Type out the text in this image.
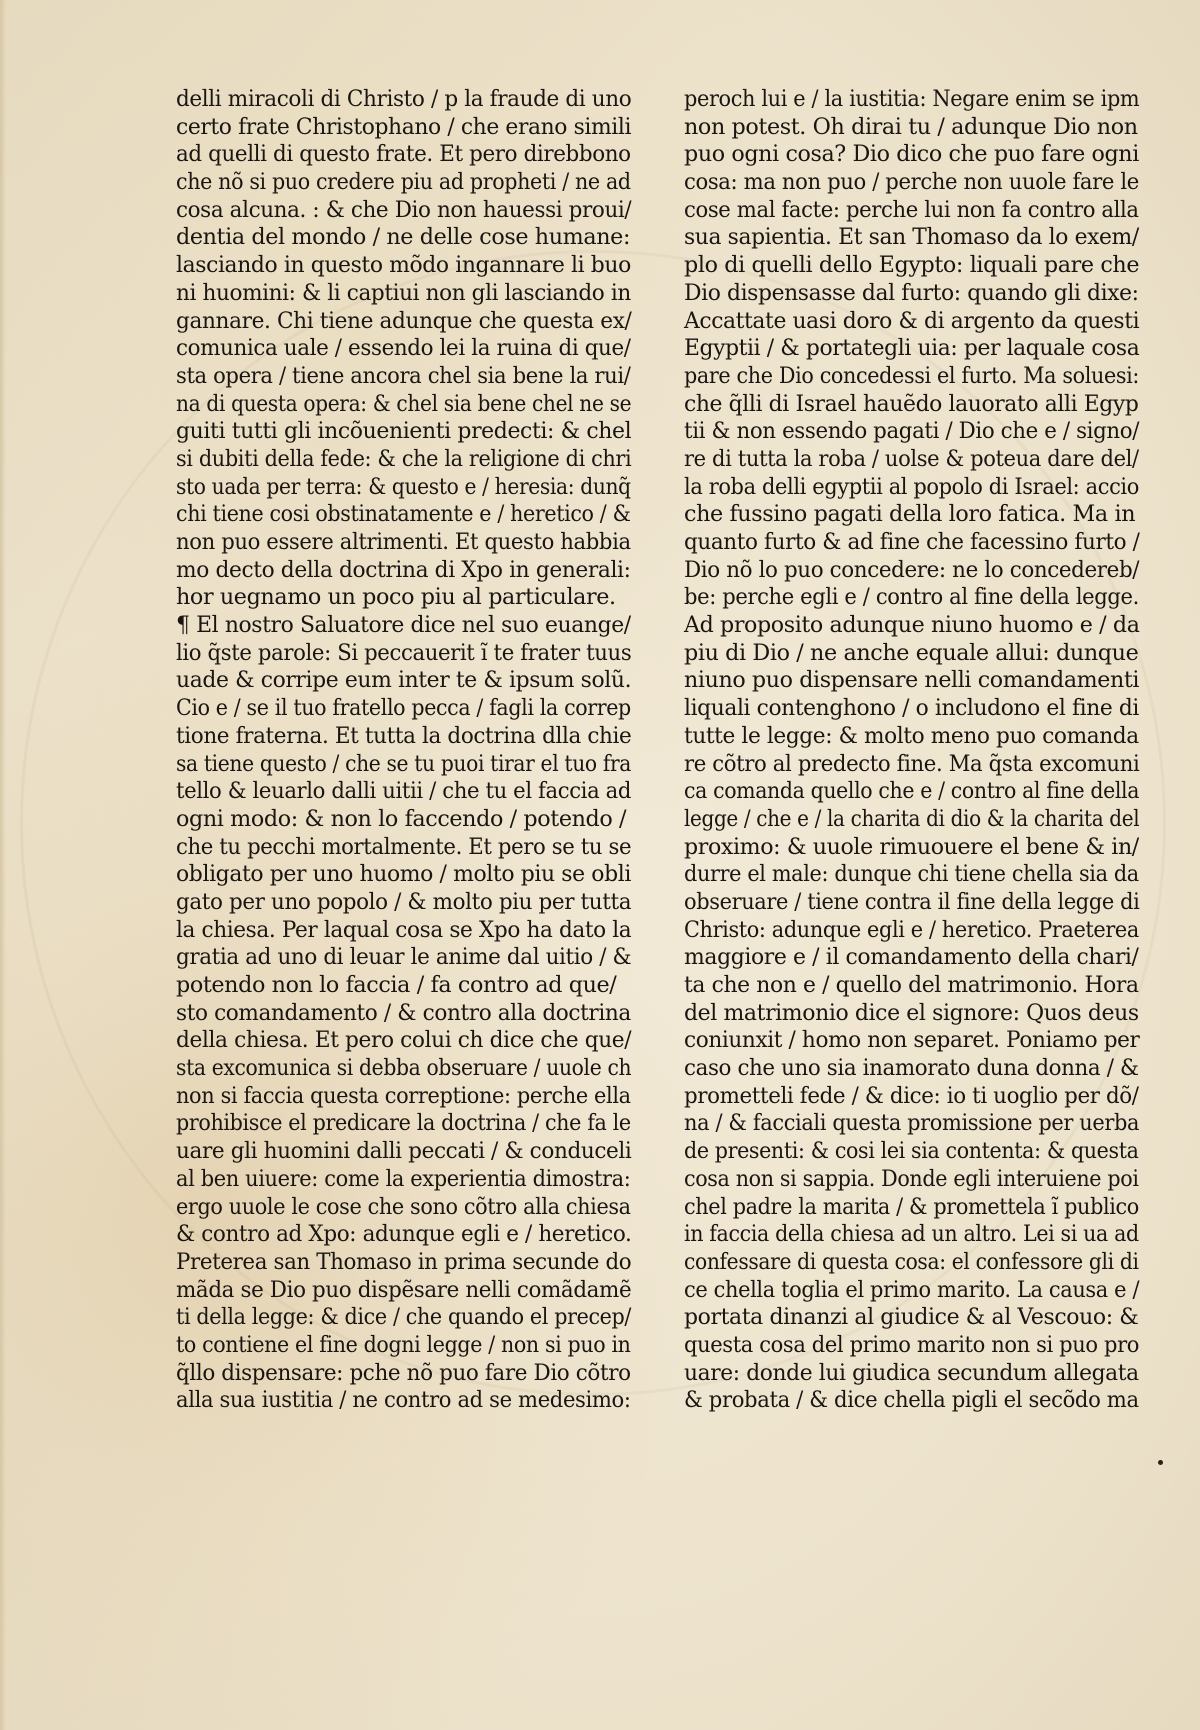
delli miracoli di Christo / p la fraude di uno
certo frate Christophano / che erano simili
ad quelli di questo frate. Et pero direbbono
che nõ si puo credere piu ad propheti / ne ad
cosa alcuna. : & che Dio non hauessi proui/
dentia del mondo / ne delle cose humane:
lasciando in questo mõdo ingannare li buo
ni huomini: & li captiui non gli lasciando in
gannare. Chi tiene adunque che questa ex/
comunica uale / essendo lei la ruina di que/
sta opera / tiene ancora chel sia bene la rui/
na di questa opera: & chel sia bene chel ne se
guiti tutti gli incõuenienti predecti: & chel
si dubiti della fede: & che la religione di chri
sto uada per terra: & questo e / heresia: dunq̃
chi tiene cosi obstinatamente e / heretico / &
non puo essere altrimenti. Et questo habbia
mo decto della doctrina di Xpo in generali:
hor uegnamo un poco piu al particulare.
¶ El nostro Saluatore dice nel suo euange/
lio q̃ste parole: Si peccauerit ĩ te frater tuus
uade & corripe eum inter te & ipsum solũ.
Cio e / se il tuo fratello pecca / fagli la correp
tione fraterna. Et tutta la doctrina dlla chie
sa tiene questo / che se tu puoi tirar el tuo fra
tello & leuarlo dalli uitii / che tu el faccia ad
ogni modo: & non lo faccendo / potendo /
che tu pecchi mortalmente. Et pero se tu se
obligato per uno huomo / molto piu se obli
gato per uno popolo / & molto piu per tutta
la chiesa. Per laqual cosa se Xpo ha dato la
gratia ad uno di leuar le anime dal uitio / &
potendo non lo faccia / fa contro ad que/
sto comandamento / & contro alla doctrina
della chiesa. Et pero colui ch dice che que/
sta excomunica si debba obseruare / uuole ch
non si faccia questa correptione: perche ella
prohibisce el predicare la doctrina / che fa le
uare gli huomini dalli peccati / & conduceli
al ben uiuere: come la experientia dimostra:
ergo uuole le cose che sono cõtro alla chiesa
& contro ad Xpo: adunque egli e / heretico.
Preterea san Thomaso in prima secunde do
mãda se Dio puo dispẽsare nelli comãdamẽ
ti della legge: & dice / che quando el precep/
to contiene el fine dogni legge / non si puo in
q̃llo dispensare: pche nõ puo fare Dio cõtro
alla sua iustitia / ne contro ad se medesimo:
peroch lui e / la iustitia: Negare enim se ipm
non potest. Oh dirai tu / adunque Dio non
puo ogni cosa? Dio dico che puo fare ogni
cosa: ma non puo / perche non uuole fare le
cose mal facte: perche lui non fa contro alla
sua sapientia. Et san Thomaso da lo exem/
plo di quelli dello Egypto: liquali pare che
Dio dispensasse dal furto: quando gli dixe:
Accattate uasi doro & di argento da questi
Egyptii / & portategli uia: per laquale cosa
pare che Dio concedessi el furto. Ma soluesi:
che q̃lli di Israel hauẽdo lauorato alli Egyp
tii & non essendo pagati / Dio che e / signo/
re di tutta la roba / uolse & poteua dare del/
la roba delli egyptii al popolo di Israel: accio
che fussino pagati della loro fatica. Ma in
quanto furto & ad fine che facessino furto /
Dio nõ lo puo concedere: ne lo concedereb/
be: perche egli e / contro al fine della legge.
Ad proposito adunque niuno huomo e / da
piu di Dio / ne anche equale allui: dunque
niuno puo dispensare nelli comandamenti
liquali contenghono / o includono el fine di
tutte le legge: & molto meno puo comanda
re cõtro al predecto fine. Ma q̃sta excomuni
ca comanda quello che e / contro al fine della
legge / che e / la charita di dio & la charita del
proximo: & uuole rimuouere el bene & in/
durre el male: dunque chi tiene chella sia da
obseruare / tiene contra il fine della legge di
Christo: adunque egli e / heretico. Praeterea
maggiore e / il comandamento della chari/
ta che non e / quello del matrimonio. Hora
del matrimonio dice el signore: Quos deus
coniunxit / homo non separet. Poniamo per
caso che uno sia inamorato duna donna / &
prometteli fede / & dice: io ti uoglio per dõ/
na / & facciali questa promissione per uerba
de presenti: & cosi lei sia contenta: & questa
cosa non si sappia. Donde egli interuiene poi
chel padre la marita / & promettela ĩ publico
in faccia della chiesa ad un altro. Lei si ua ad
confessare di questa cosa: el confessore gli di
ce chella toglia el primo marito. La causa e /
portata dinanzi al giudice & al Vescouo: &
questa cosa del primo marito non si puo pro
uare: donde lui giudica secundum allegata
& probata / & dice chella pigli el secõdo ma
